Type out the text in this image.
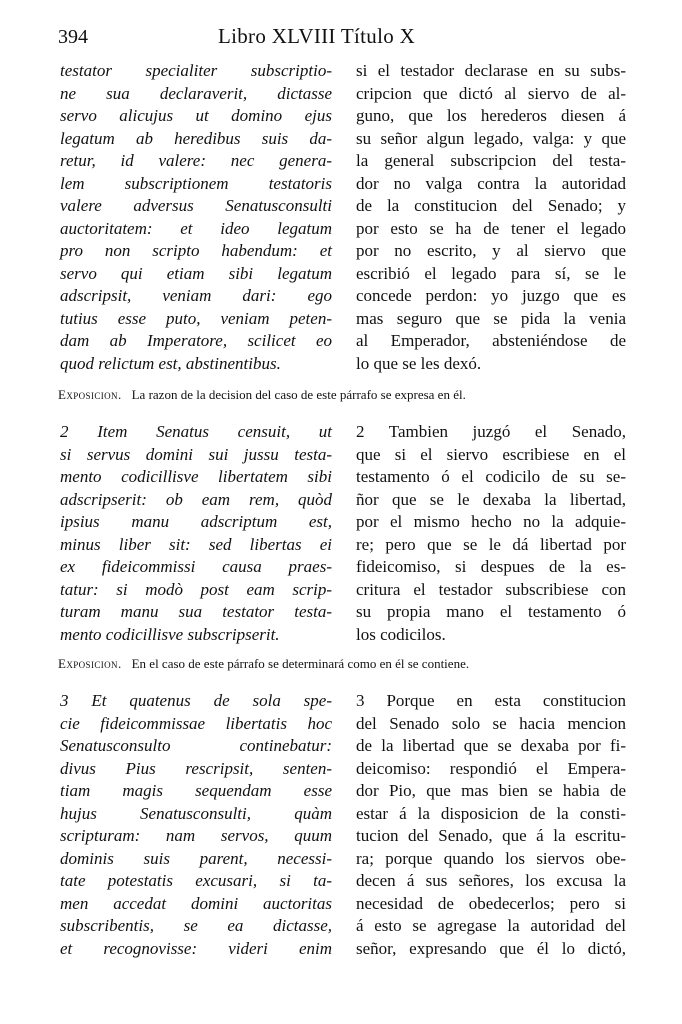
394	Libro XLVIII Título X
testator specialiter subscriptio-
ne sua declaraverit, dictasse
servo alicujus ut domino ejus
legatum ab heredibus suis da-
retur, id valere: nec genera-
lem subscriptionem testatoris
valere adversus Senatusconsulti
auctoritatem: et ideo legatum
pro non scripto habendum: et
servo qui etiam sibi legatum
adscripsit, veniam dari: ego
tutius esse puto, veniam peten-
dam ab Imperatore, scilicet eo
quod relictum est, abstinentibus.
si el testador declarase en su subs-
cripcion que dictó al siervo de al-
guno, que los herederos diesen á
su señor algun legado, valga: y que
la general subscripcion del testa-
dor no valga contra la autoridad
de la constitucion del Senado; y
por esto se ha de tener el legado
por no escrito, y al siervo que
escribió el legado para sí, se le
concede perdon: yo juzgo que es
mas seguro que se pida la venia
al Emperador, absteniéndose de
lo que se les dexó.
Exposicion. La razon de la decision del caso de este párrafo se expresa en él.
2 Item Senatus censuit, ut
si servus domini sui jussu testa-
mento codicillisve libertatem sibi
adscripserit: ob eam rem, quòd
ipsius manu adscriptum est,
minus liber sit: sed libertas ei
ex fideicommissi causa praes-
tatur: si modò post eam scrip-
turam manu sua testator testa-
mento codicillisve subscripserit.
2 Tambien juzgó el Senado,
que si el siervo escribiese en el
testamento ó el codicilo de su se-
ñor que se le dexaba la libertad,
por el mismo hecho no la adquie-
re; pero que se le dá libertad por
fideicomiso, si despues de la es-
critura el testador subscribiese con
su propia mano el testamento ó
los codicilos.
Exposicion. En el caso de este párrafo se determinará como en él se contiene.
3 Et quatenus de sola spe-
cie fideicommissae libertatis hoc
Senatusconsulto continebatur:
divus Pius rescripsit, senten-
tiam magis sequendam esse
hujus Senatusconsulti, quàm
scripturam: nam servos, quum
dominis suis parent, necessi-
tate potestatis excusari, si ta-
men accedat domini auctoritas
subscribentis, se ea dictasse,
et recognovisse: videri enim
3 Porque en esta constitucion
del Senado solo se hacia mencion
de la libertad que se dexaba por fi-
deicomiso: respondió el Empera-
dor Pio, que mas bien se habia de
estar á la disposicion de la consti-
tucion del Senado, que á la escritu-
ra; porque quando los siervos obe-
decen á sus señores, los excusa la
necesidad de obedecerlos; pero si
á esto se agregase la autoridad del
señor, expresando que él lo dictó,
